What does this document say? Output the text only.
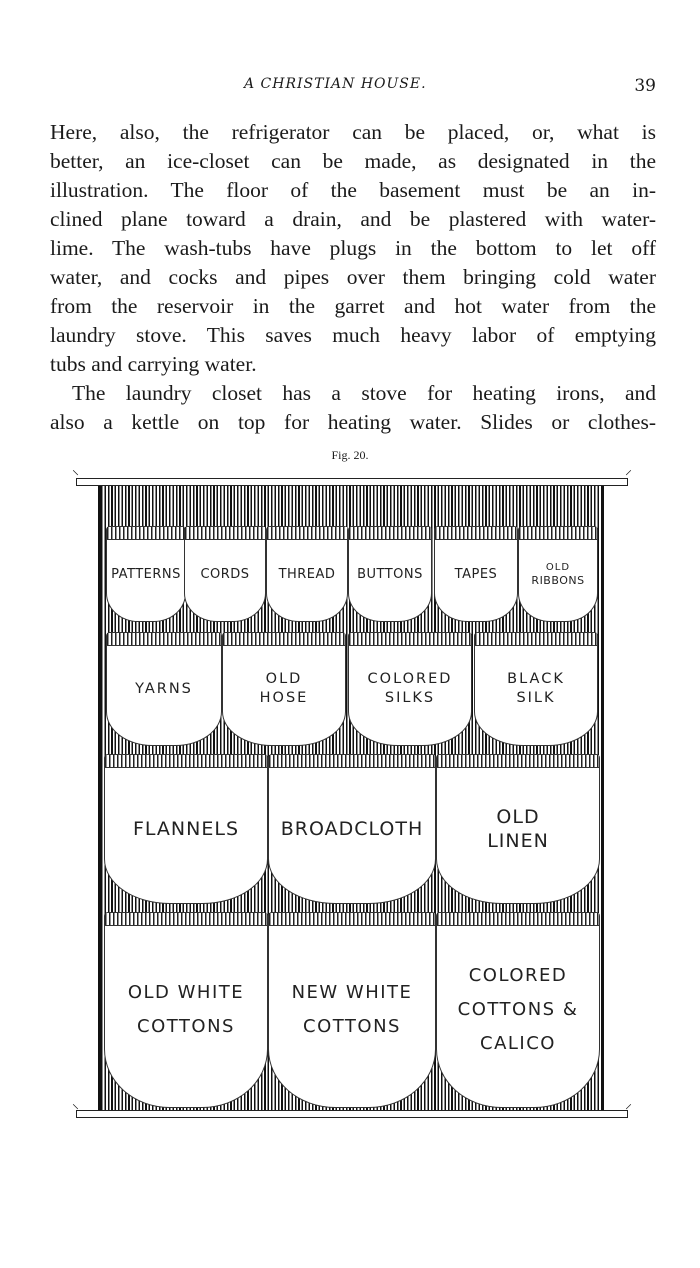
A CHRISTIAN HOUSE.	39

Here, also, the refrigerator can be placed, or, what is
better, an ice-closet can be made, as designated in the
illustration. The floor of the basement must be an in-
clined plane toward a drain, and be plastered with water-
lime. The wash-tubs have plugs in the bottom to let off
water, and cocks and pipes over them bringing cold water
from the reservoir in the garret and hot water from the
laundry stove. This saves much heavy labor of emptying
tubs and carrying water.

The laundry closet has a stove for heating irons, and
also a kettle on top for heating water. Slides or clothes-

Fig. 20.
⸌	⸍
⸌	⸍
PATTERNS CORDS THREAD BUTTONS TAPES	OLD
RIBBONS
YARNS
OLD
HOSE
COLORED
SILKS
BLACK
SILK
FLANNELS BROADCLOTH
OLD
LINEN
OLD WHITE
COTTONS
NEW WHITE
COTTONS
COLORED
COTTONS &
CALICO
